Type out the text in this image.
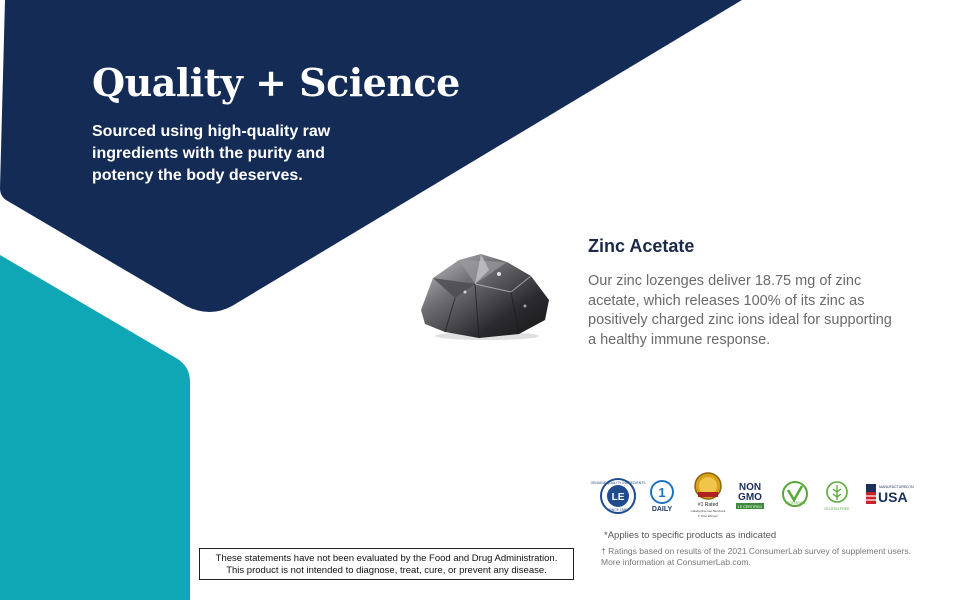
Quality + Science

Sourced using high-quality raw ingredients with the purity and potency the body deserves.

Zinc Acetate

Our zinc lozenges deliver 18.75 mg of zinc acetate, which releases 100% of its zinc as positively charged zinc ions ideal for supporting a healthy immune response.

GENUINE QUALITY INGREDIENTS
LE
SINCE 1980
1
DAILY
#1 Rated
Catalog/Internet Merchant
6 Time Winner!
NON
GMO
LE CERTIFIED
VEGETARIAN
GLUTEN FREE
MANUFACTURED IN
USA

*Applies to specific products as indicated

† Ratings based on results of the 2021 ConsumerLab survey of supplement users. More information at ConsumerLab.com.

These statements have not been evaluated by the Food and Drug Administration.
This product is not intended to diagnose, treat, cure, or prevent any disease.
